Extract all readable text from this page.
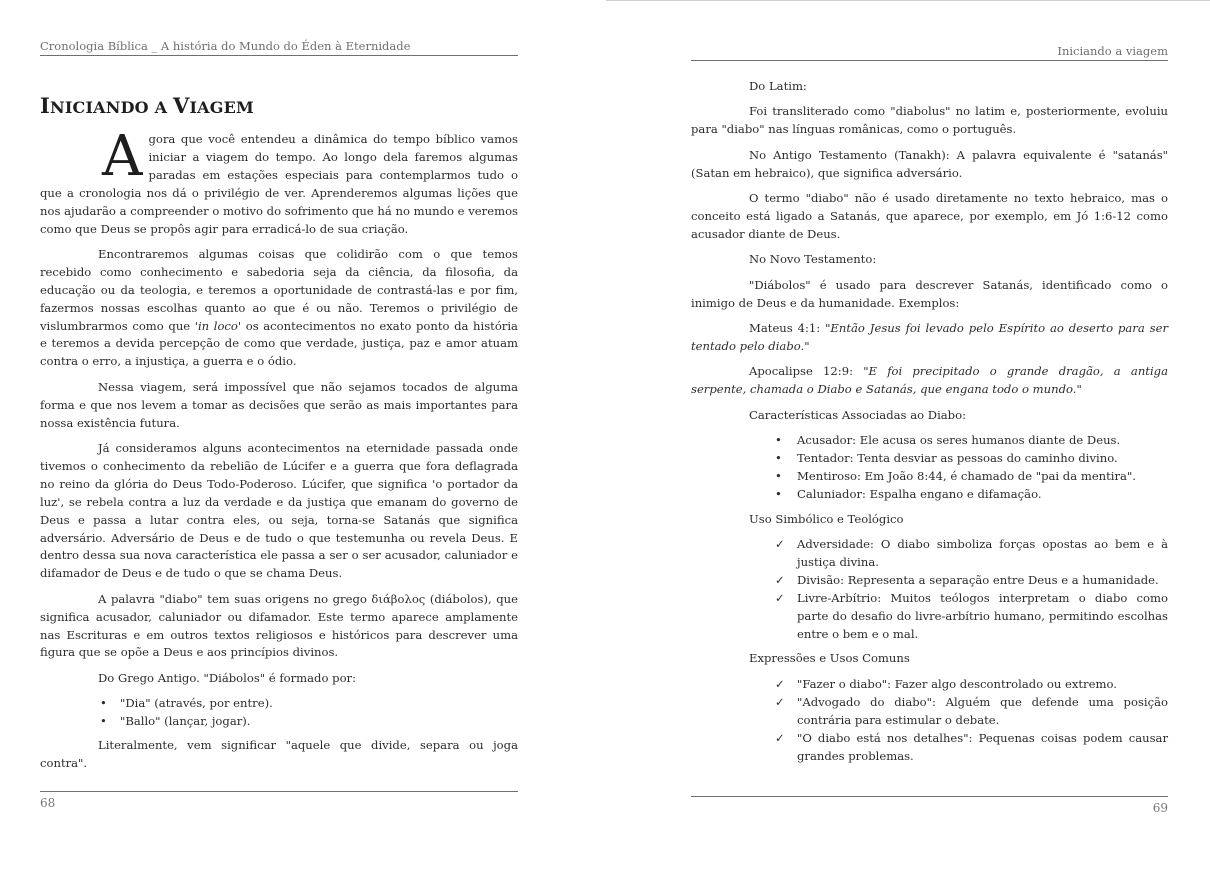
Cronologia Bíblica _ A história do Mundo do Éden à Eternidade
INICIANDO A VIAGEM

Agora que você entendeu a dinâmica do tempo bíblico vamos iniciar a viagem do tempo. Ao longo dela faremos algumas paradas em estações especiais para contemplarmos tudo o que a cronologia nos dá o privilégio de ver. Aprenderemos algumas lições que nos ajudarão a compreender o motivo do sofrimento que há no mundo e veremos como que Deus se propôs agir para erradicá-lo de sua criação.

Encontraremos algumas coisas que colidirão com o que temos recebido como conhecimento e sabedoria seja da ciência, da filosofia, da educação ou da teologia, e teremos a oportunidade de contrastá-las e por fim, fazermos nossas escolhas quanto ao que é ou não. Teremos o privilégio de vislumbrarmos como que 'in loco' os acontecimentos no exato ponto da história e teremos a devida percepção de como que verdade, justiça, paz e amor atuam contra o erro, a injustiça, a guerra e o ódio.

Nessa viagem, será impossível que não sejamos tocados de alguma forma e que nos levem a tomar as decisões que serão as mais importantes para nossa existência futura.

Já consideramos alguns acontecimentos na eternidade passada onde tivemos o conhecimento da rebelião de Lúcifer e a guerra que fora deflagrada no reino da glória do Deus Todo-Poderoso. Lúcifer, que significa 'o portador da luz', se rebela contra a luz da verdade e da justiça que emanam do governo de Deus e passa a lutar contra eles, ou seja, torna-se Satanás que significa adversário. Adversário de Deus e de tudo o que testemunha ou revela Deus. E dentro dessa sua nova característica ele passa a ser o ser acusador, caluniador e difamador de Deus e de tudo o que se chama Deus.

A palavra "diabo" tem suas origens no grego διάβολος (diábolos), que significa acusador, caluniador ou difamador. Este termo aparece amplamente nas Escrituras e em outros textos religiosos e históricos para descrever uma figura que se opõe a Deus e aos princípios divinos.

Do Grego Antigo. "Diábolos" é formado por:

• "Dia" (através, por entre).
• "Ballo" (lançar, jogar).

Literalmente, vem significar "aquele que divide, separa ou joga contra".

68
Iniciando a viagem

Do Latim:

Foi transliterado como "diabolus" no latim e, posteriormente, evoluiu para "diabo" nas línguas românicas, como o português.

No Antigo Testamento (Tanakh): A palavra equivalente é "satanás" (Satan em hebraico), que significa adversário.

O termo "diabo" não é usado diretamente no texto hebraico, mas o conceito está ligado a Satanás, que aparece, por exemplo, em Jó 1:6-12 como acusador diante de Deus.

No Novo Testamento:

"Diábolos" é usado para descrever Satanás, identificado como o inimigo de Deus e da humanidade. Exemplos:

Mateus 4:1: "Então Jesus foi levado pelo Espírito ao deserto para ser tentado pelo diabo."

Apocalipse 12:9: "E foi precipitado o grande dragão, a antiga serpente, chamada o Diabo e Satanás, que engana todo o mundo."

Características Associadas ao Diabo:

• Acusador: Ele acusa os seres humanos diante de Deus.
• Tentador: Tenta desviar as pessoas do caminho divino.
• Mentiroso: Em João 8:44, é chamado de "pai da mentira".
• Caluniador: Espalha engano e difamação.

Uso Simbólico e Teológico

✓ Adversidade: O diabo simboliza forças opostas ao bem e à justiça divina.
✓ Divisão: Representa a separação entre Deus e a humanidade.
✓ Livre-Arbítrio: Muitos teólogos interpretam o diabo como parte do desafio do livre-arbítrio humano, permitindo escolhas entre o bem e o mal.

Expressões e Usos Comuns

✓ "Fazer o diabo": Fazer algo descontrolado ou extremo.
✓ "Advogado do diabo": Alguém que defende uma posição contrária para estimular o debate.
✓ "O diabo está nos detalhes": Pequenas coisas podem causar grandes problemas.
69
